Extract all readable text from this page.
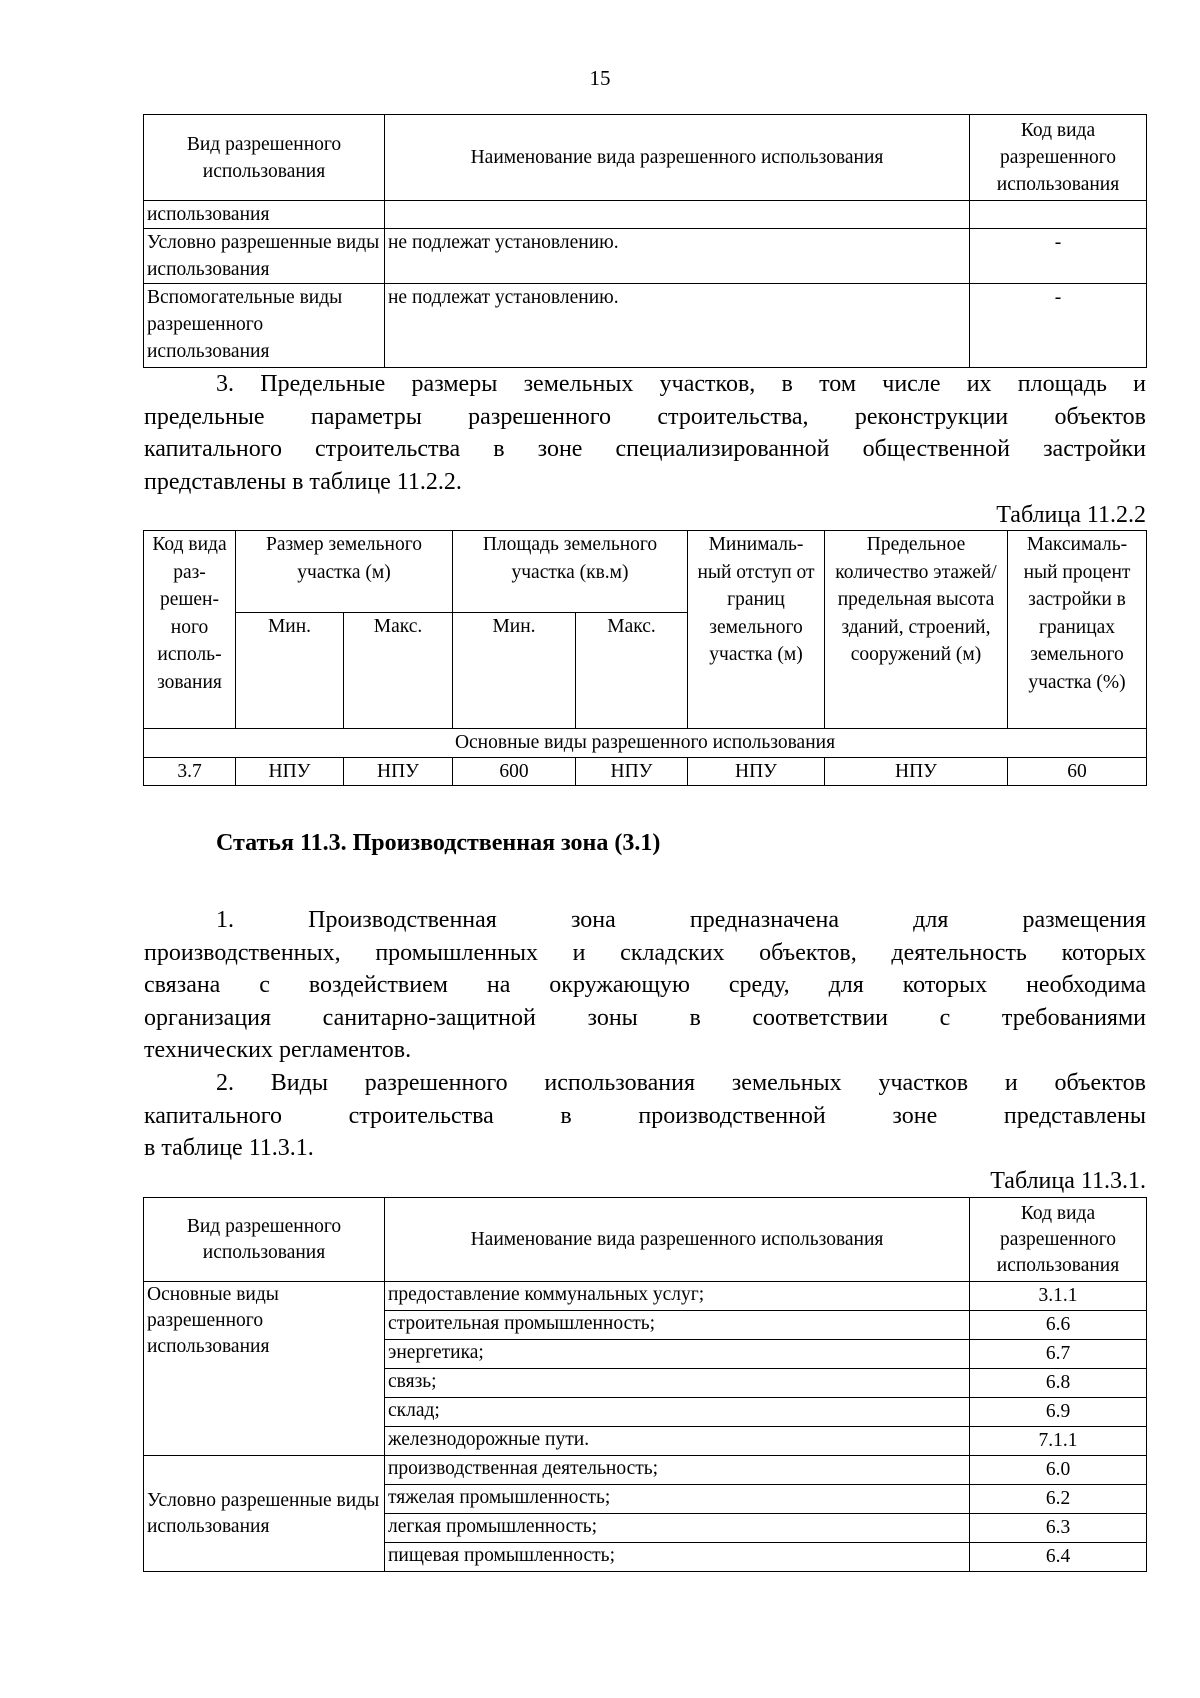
15
Вид разрешенного использования	Наименование вида разрешенного использования	Код вида разрешенного использования
использования		
Условно разрешенные виды использования	не подлежат установлению.	-
Вспомогательные виды разрешенного использования	не подлежат установлению.	-
3. Предельные размеры земельных участков, в том числе их площадь и
предельные параметры разрешенного строительства, реконструкции объектов
капитального строительства в зоне специализированной общественной застройки
представлены в таблице 11.2.2.
Таблица 11.2.2
Код вида раз- решен- ного исполь- зования	Размер земельного участка (м)		Площадь земельного участка (кв.м)		Минималь- ный отступ от границ земельного участка (м)	Предельное количество этажей/ предельная высота зданий, строений, сооружений (м)	Максималь- ный процент застройки в границах земельного участка (%)
	Мин.	Макс.	Мин.	Макс.			
Основные виды разрешенного использования							
3.7	НПУ	НПУ	600	НПУ	НПУ	НПУ	60
Статья 11.3. Производственная зона (3.1)
1. Производственная зона предназначена для размещения
производственных, промышленных и складских объектов, деятельность которых
связана с воздействием на окружающую среду, для которых необходима
организация санитарно-защитной зоны в соответствии с требованиями
технических регламентов.
2. Виды разрешенного использования земельных участков и объектов
капитального строительства в производственной зоне представлены
в таблице 11.3.1.
Таблица 11.3.1.
Вид разрешенного использования	Наименование вида разрешенного использования	Код вида разрешенного использования
Основные виды разрешенного использования	предоставление коммунальных услуг;	3.1.1
	строительная промышленность;	6.6
	энергетика;	6.7
	связь;	6.8
	склад;	6.9
	железнодорожные пути.	7.1.1
Условно разрешенные виды использования	производственная деятельность;	6.0
	тяжелая промышленность;	6.2
	легкая промышленность;	6.3
	пищевая промышленность;	6.4
